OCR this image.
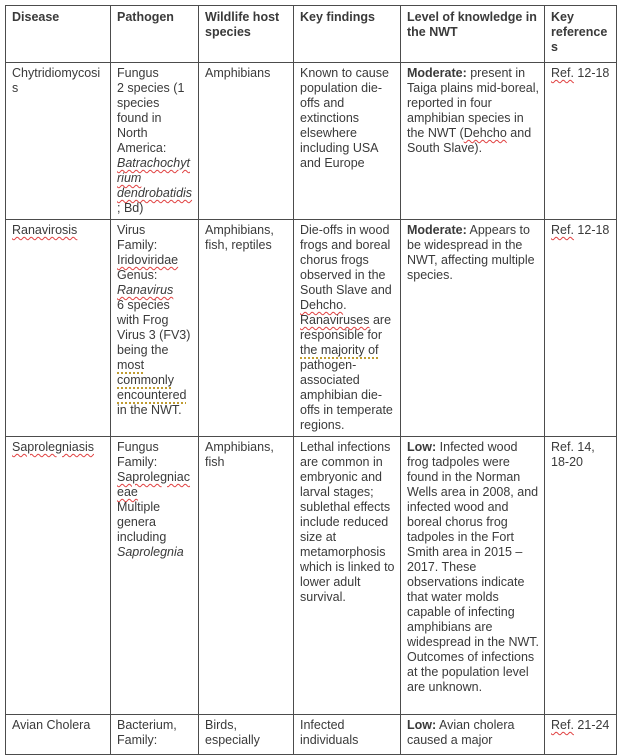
Disease	Pathogen	Wildlife host species	Key findings	Level of knowledge in the NWT	Key references
Chytridiomycosis	Fungus
2 species (1 species found in North America: Batrachochytrium dendrobatidis; Bd)	Amphibians	Known to cause population die-offs and extinctions elsewhere including USA and Europe	Moderate: present in Taiga plains mid-boreal, reported in four amphibian species in the NWT (Dehcho and South Slave).	Ref. 12-18
Ranavirosis	Virus
Family: Iridoviridae
Genus: Ranavirus
6 species with Frog Virus 3 (FV3) being the most commonly encountered in the NWT.	Amphibians, fish, reptiles	Die-offs in wood frogs and boreal chorus frogs observed in the South Slave and Dehcho. Ranaviruses are responsible for the majority of pathogen-associated amphibian die-offs in temperate regions.	Moderate: Appears to be widespread in the NWT, affecting multiple species.	Ref. 12-18
Saprolegniasis	Fungus
Family: Saprolegniaceae
Multiple genera including Saprolegnia	Amphibians, fish	Lethal infections are common in embryonic and larval stages; sublethal effects include reduced size at metamorphosis which is linked to lower adult survival.	Low: Infected wood frog tadpoles were found in the Norman Wells area in 2008, and infected wood and boreal chorus frog tadpoles in the Fort Smith area in 2015 – 2017. These observations indicate that water molds capable of infecting amphibians are widespread in the NWT. Outcomes of infections at the population level are unknown.	Ref. 14, 18-20
Avian Cholera	Bacterium, Family:	Birds, especially	Infected individuals	Low: Avian cholera caused a major	Ref. 21-24
